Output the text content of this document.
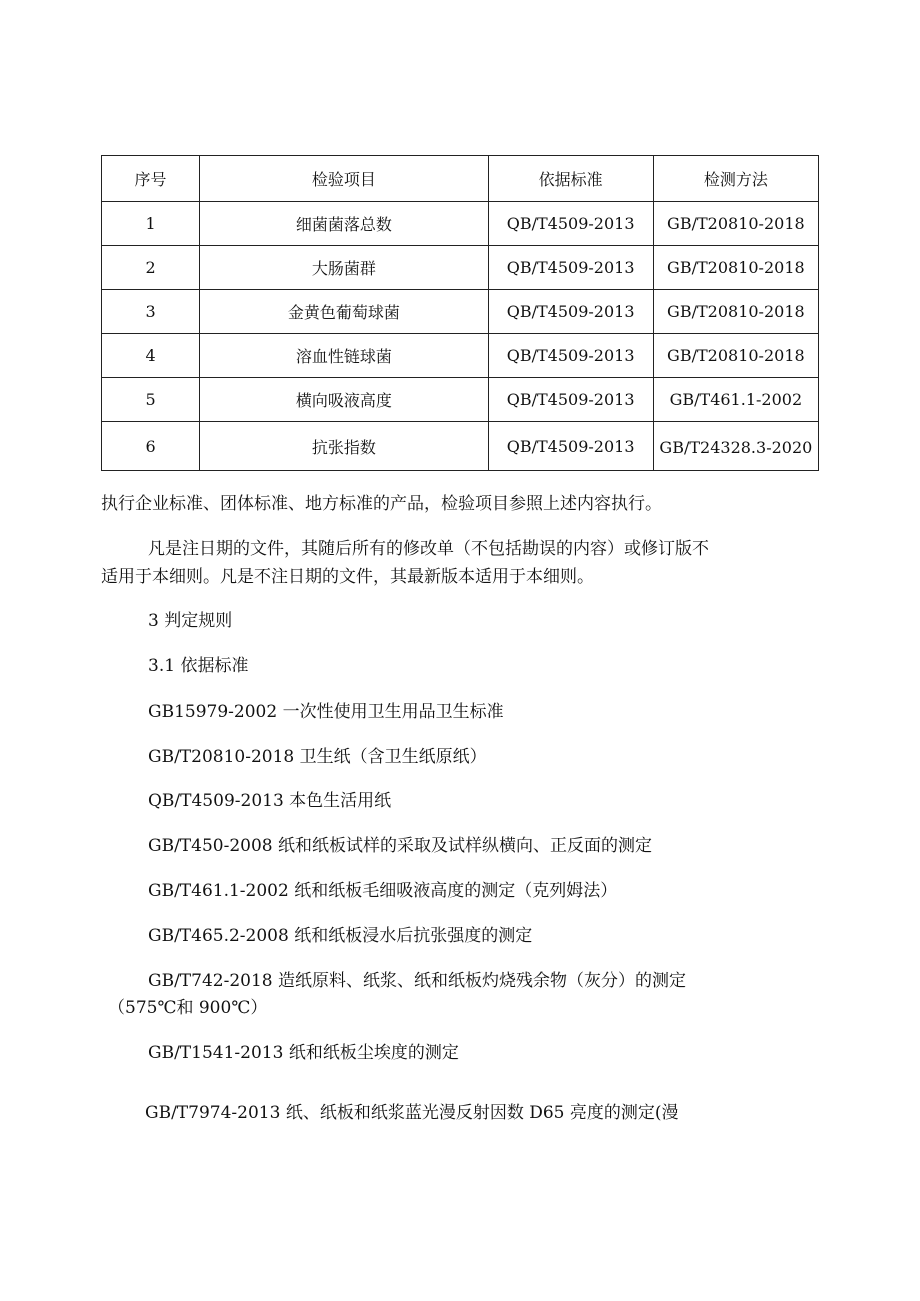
序号	检验项目	依据标准	检测方法
1	细菌菌落总数	QB/T4509-2013	GB/T20810-2018
2	大肠菌群	QB/T4509-2013	GB/T20810-2018
3	金黄色葡萄球菌	QB/T4509-2013	GB/T20810-2018
4	溶血性链球菌	QB/T4509-2013	GB/T20810-2018
5	横向吸液高度	QB/T4509-2013	GB/T461.1-2002
6	抗张指数	QB/T4509-2013	GB/T24328.3-2020
执行企业标准、团体标准、地方标准的产品，检验项目参照上述内容执行。
凡是注日期的文件，其随后所有的修改单（不包括勘误的内容）或修订版不
适用于本细则。凡是不注日期的文件，其最新版本适用于本细则。
3 判定规则
3.1 依据标准
GB15979-2002 一次性使用卫生用品卫生标准
GB/T20810-2018 卫生纸（含卫生纸原纸）
QB/T4509-2013 本色生活用纸
GB/T450-2008 纸和纸板试样的采取及试样纵横向、正反面的测定
GB/T461.1-2002 纸和纸板毛细吸液高度的测定（克列姆法）
GB/T465.2-2008 纸和纸板浸水后抗张强度的测定
GB/T742-2018 造纸原料、纸浆、纸和纸板灼烧残余物（灰分）的测定
（575℃和 900℃）
GB/T1541-2013 纸和纸板尘埃度的测定
GB/T7974-2013 纸、纸板和纸浆蓝光漫反射因数 D65 亮度的测定(漫
